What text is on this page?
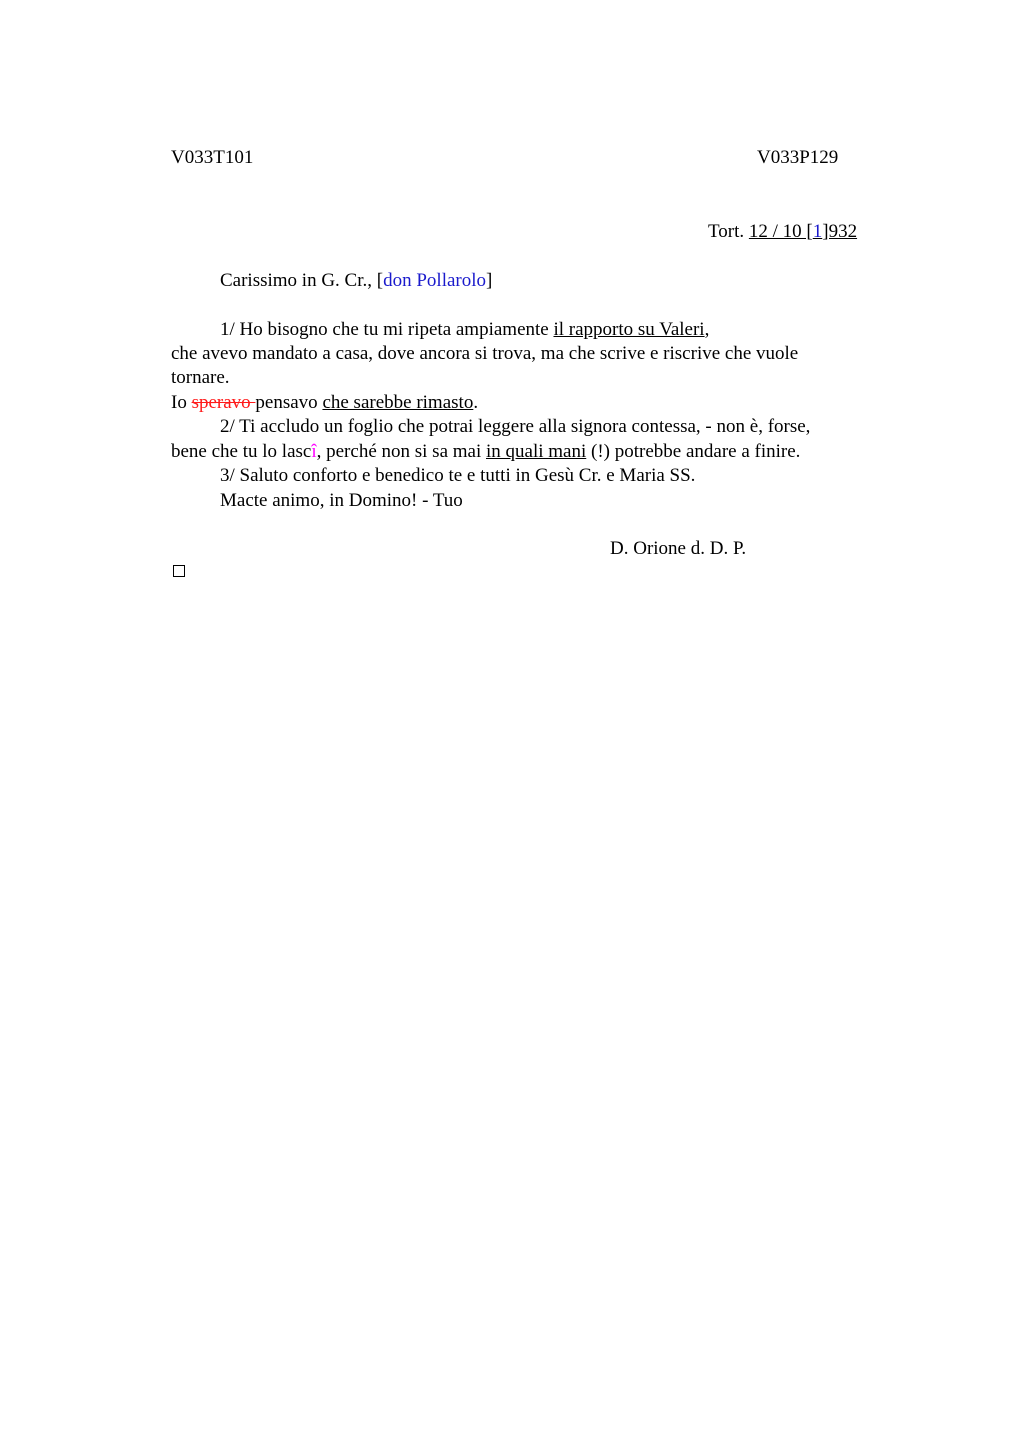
V033T101	V033P129
Tort. 12 / 10 [1]932
Carissimo in G. Cr., [don Pollarolo]
1/ Ho bisogno che tu mi ripeta ampiamente il rapporto su Valeri,
che avevo mandato a casa, dove ancora si trova, ma che scrive e riscrive che vuole
tornare.
Io speravo pensavo che sarebbe rimasto.
2/ Ti accludo un foglio che potrai leggere alla signora contessa, - non è, forse,
bene che tu lo lascî, perché non si sa mai in quali mani (!) potrebbe andare a finire.
3/ Saluto conforto e benedico te e tutti in Gesù Cr. e Maria SS.
Macte animo, in Domino! - Tuo
D. Orione d. D. P.
